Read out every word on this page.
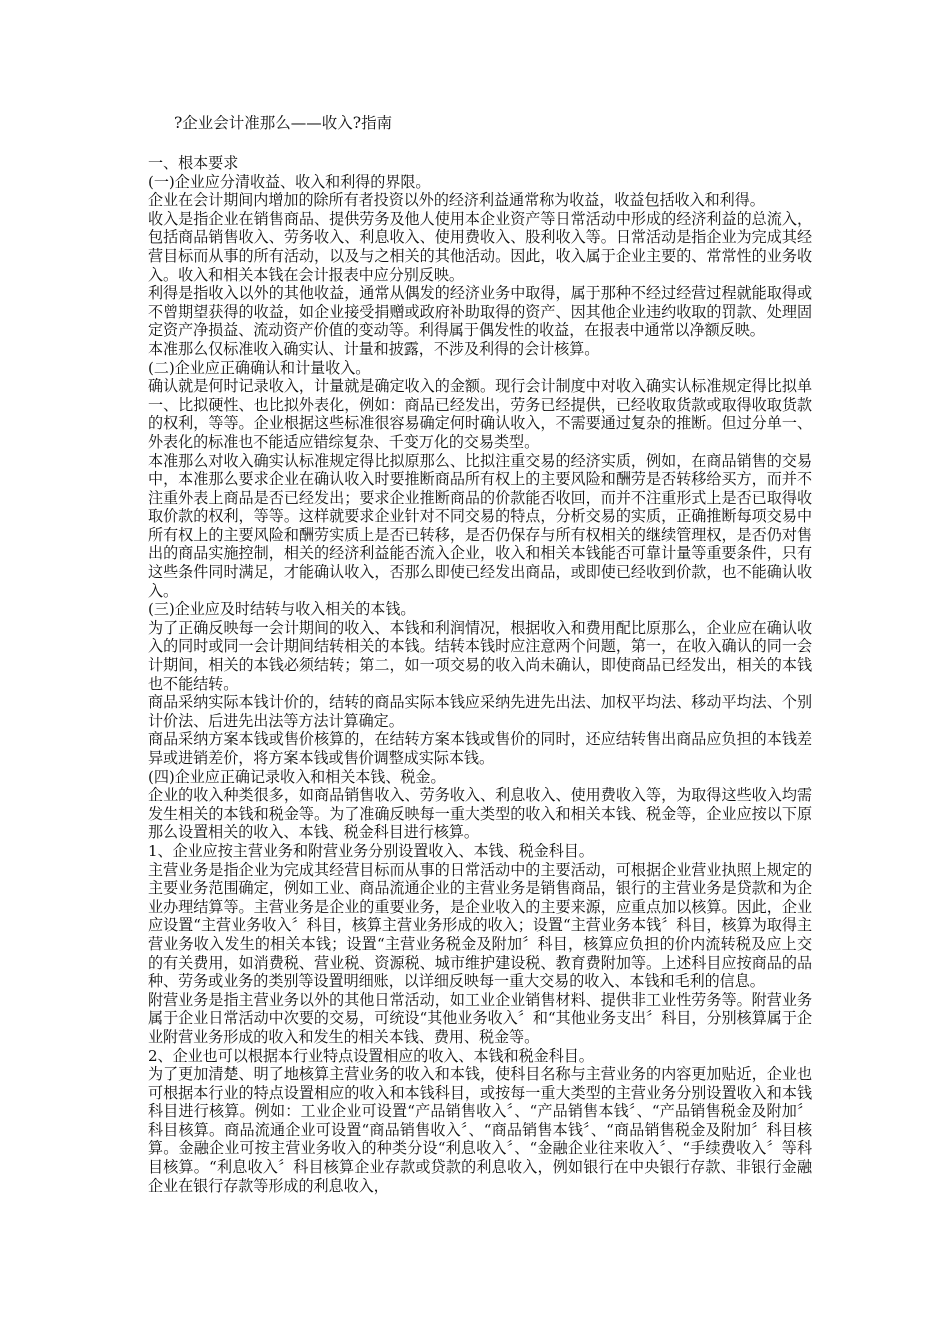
?企业会计准那么——收入?指南

一、根本要求

(一)企业应分清收益、收入和利得的界限。

企业在会计期间内增加的除所有者投资以外的经济利益通常称为收益，收益包括收入和利得。

收入是指企业在销售商品、提供劳务及他人使用本企业资产等日常活动中形成的经济利益的总流入，包括商品销售收入、劳务收入、利息收入、使用费收入、股利收入等。日常活动是指企业为完成其经营目标而从事的所有活动，以及与之相关的其他活动。因此，收入属于企业主要的、常常性的业务收入。收入和相关本钱在会计报表中应分别反映。

利得是指收入以外的其他收益，通常从偶发的经济业务中取得，属于那种不经过经营过程就能取得或不曾期望获得的收益，如企业接受捐赠或政府补助取得的资产、因其他企业违约收取的罚款、处理固定资产净损益、流动资产价值的变动等。利得属于偶发性的收益，在报表中通常以净额反映。

本准那么仅标准收入确实认、计量和披露，不涉及利得的会计核算。

(二)企业应正确确认和计量收入。

确认就是何时记录收入，计量就是确定收入的金额。现行会计制度中对收入确实认标准规定得比拟单一、比拟硬性、也比拟外表化，例如：商品已经发出，劳务已经提供，已经收取货款或取得收取货款的权利，等等。企业根据这些标准很容易确定何时确认收入，不需要通过复杂的推断。但过分单一、外表化的标准也不能适应错综复杂、千变万化的交易类型。

本准那么对收入确实认标准规定得比拟原那么、比拟注重交易的经济实质，例如，在商品销售的交易中，本准那么要求企业在确认收入时要推断商品所有权上的主要风险和酬劳是否转移给买方，而并不注重外表上商品是否已经发出；要求企业推断商品的价款能否收回，而并不注重形式上是否已取得收取价款的权利，等等。这样就要求企业针对不同交易的特点，分析交易的实质，正确推断每项交易中所有权上的主要风险和酬劳实质上是否已转移，是否仍保存与所有权相关的继续管理权，是否仍对售出的商品实施控制，相关的经济利益能否流入企业，收入和相关本钱能否可靠计量等重要条件，只有这些条件同时满足，才能确认收入，否那么即使已经发出商品，或即使已经收到价款，也不能确认收入。

(三)企业应及时结转与收入相关的本钱。

为了正确反映每一会计期间的收入、本钱和利润情况，根据收入和费用配比原那么，企业应在确认收入的同时或同一会计期间结转相关的本钱。结转本钱时应注意两个问题，第一，在收入确认的同一会计期间，相关的本钱必须结转；第二，如一项交易的收入尚未确认，即使商品已经发出，相关的本钱也不能结转。

商品采纳实际本钱计价的，结转的商品实际本钱应采纳先进先出法、加权平均法、移动平均法、个别计价法、后进先出法等方法计算确定。

商品采纳方案本钱或售价核算的，在结转方案本钱或售价的同时，还应结转售出商品应负担的本钱差异或进销差价，将方案本钱或售价调整成实际本钱。

(四)企业应正确记录收入和相关本钱、税金。

企业的收入种类很多，如商品销售收入、劳务收入、利息收入、使用费收入等，为取得这些收入均需发生相关的本钱和税金等。为了准确反映每一重大类型的收入和相关本钱、税金等，企业应按以下原那么设置相关的收入、本钱、税金科目进行核算。

1、企业应按主营业务和附营业务分别设置收入、本钱、税金科目。

主营业务是指企业为完成其经营目标而从事的日常活动中的主要活动，可根据企业营业执照上规定的主要业务范围确定，例如工业、商品流通企业的主营业务是销售商品，银行的主营业务是贷款和为企业办理结算等。主营业务是企业的重要业务，是企业收入的主要来源，应重点加以核算。因此，企业应设置“主营业务收入〞科目，核算主营业务形成的收入；设置“主营业务本钱〞科目，核算为取得主营业务收入发生的相关本钱；设置“主营业务税金及附加〞科目，核算应负担的价内流转税及应上交的有关费用，如消费税、营业税、资源税、城市维护建设税、教育费附加等。上述科目应按商品的品种、劳务或业务的类别等设置明细账，以详细反映每一重大交易的收入、本钱和毛利的信息。

附营业务是指主营业务以外的其他日常活动，如工业企业销售材料、提供非工业性劳务等。附营业务属于企业日常活动中次要的交易，可统设“其他业务收入〞和“其他业务支出〞科目，分别核算属于企业附营业务形成的收入和发生的相关本钱、费用、税金等。

2、企业也可以根据本行业特点设置相应的收入、本钱和税金科目。

为了更加清楚、明了地核算主营业务的收入和本钱，使科目名称与主营业务的内容更加贴近，企业也可根据本行业的特点设置相应的收入和本钱科目，或按每一重大类型的主营业务分别设置收入和本钱科目进行核算。例如：工业企业可设置“产品销售收入〞、“产品销售本钱〞、“产品销售税金及附加〞科目核算。商品流通企业可设置“商品销售收入〞、“商品销售本钱〞、“商品销售税金及附加〞科目核算。金融企业可按主营业务收入的种类分设“利息收入〞、“金融企业往来收入〞、“手续费收入〞等科目核算。“利息收入〞科目核算企业存款或贷款的利息收入，例如银行在中央银行存款、非银行金融企业在银行存款等形成的利息收入，
